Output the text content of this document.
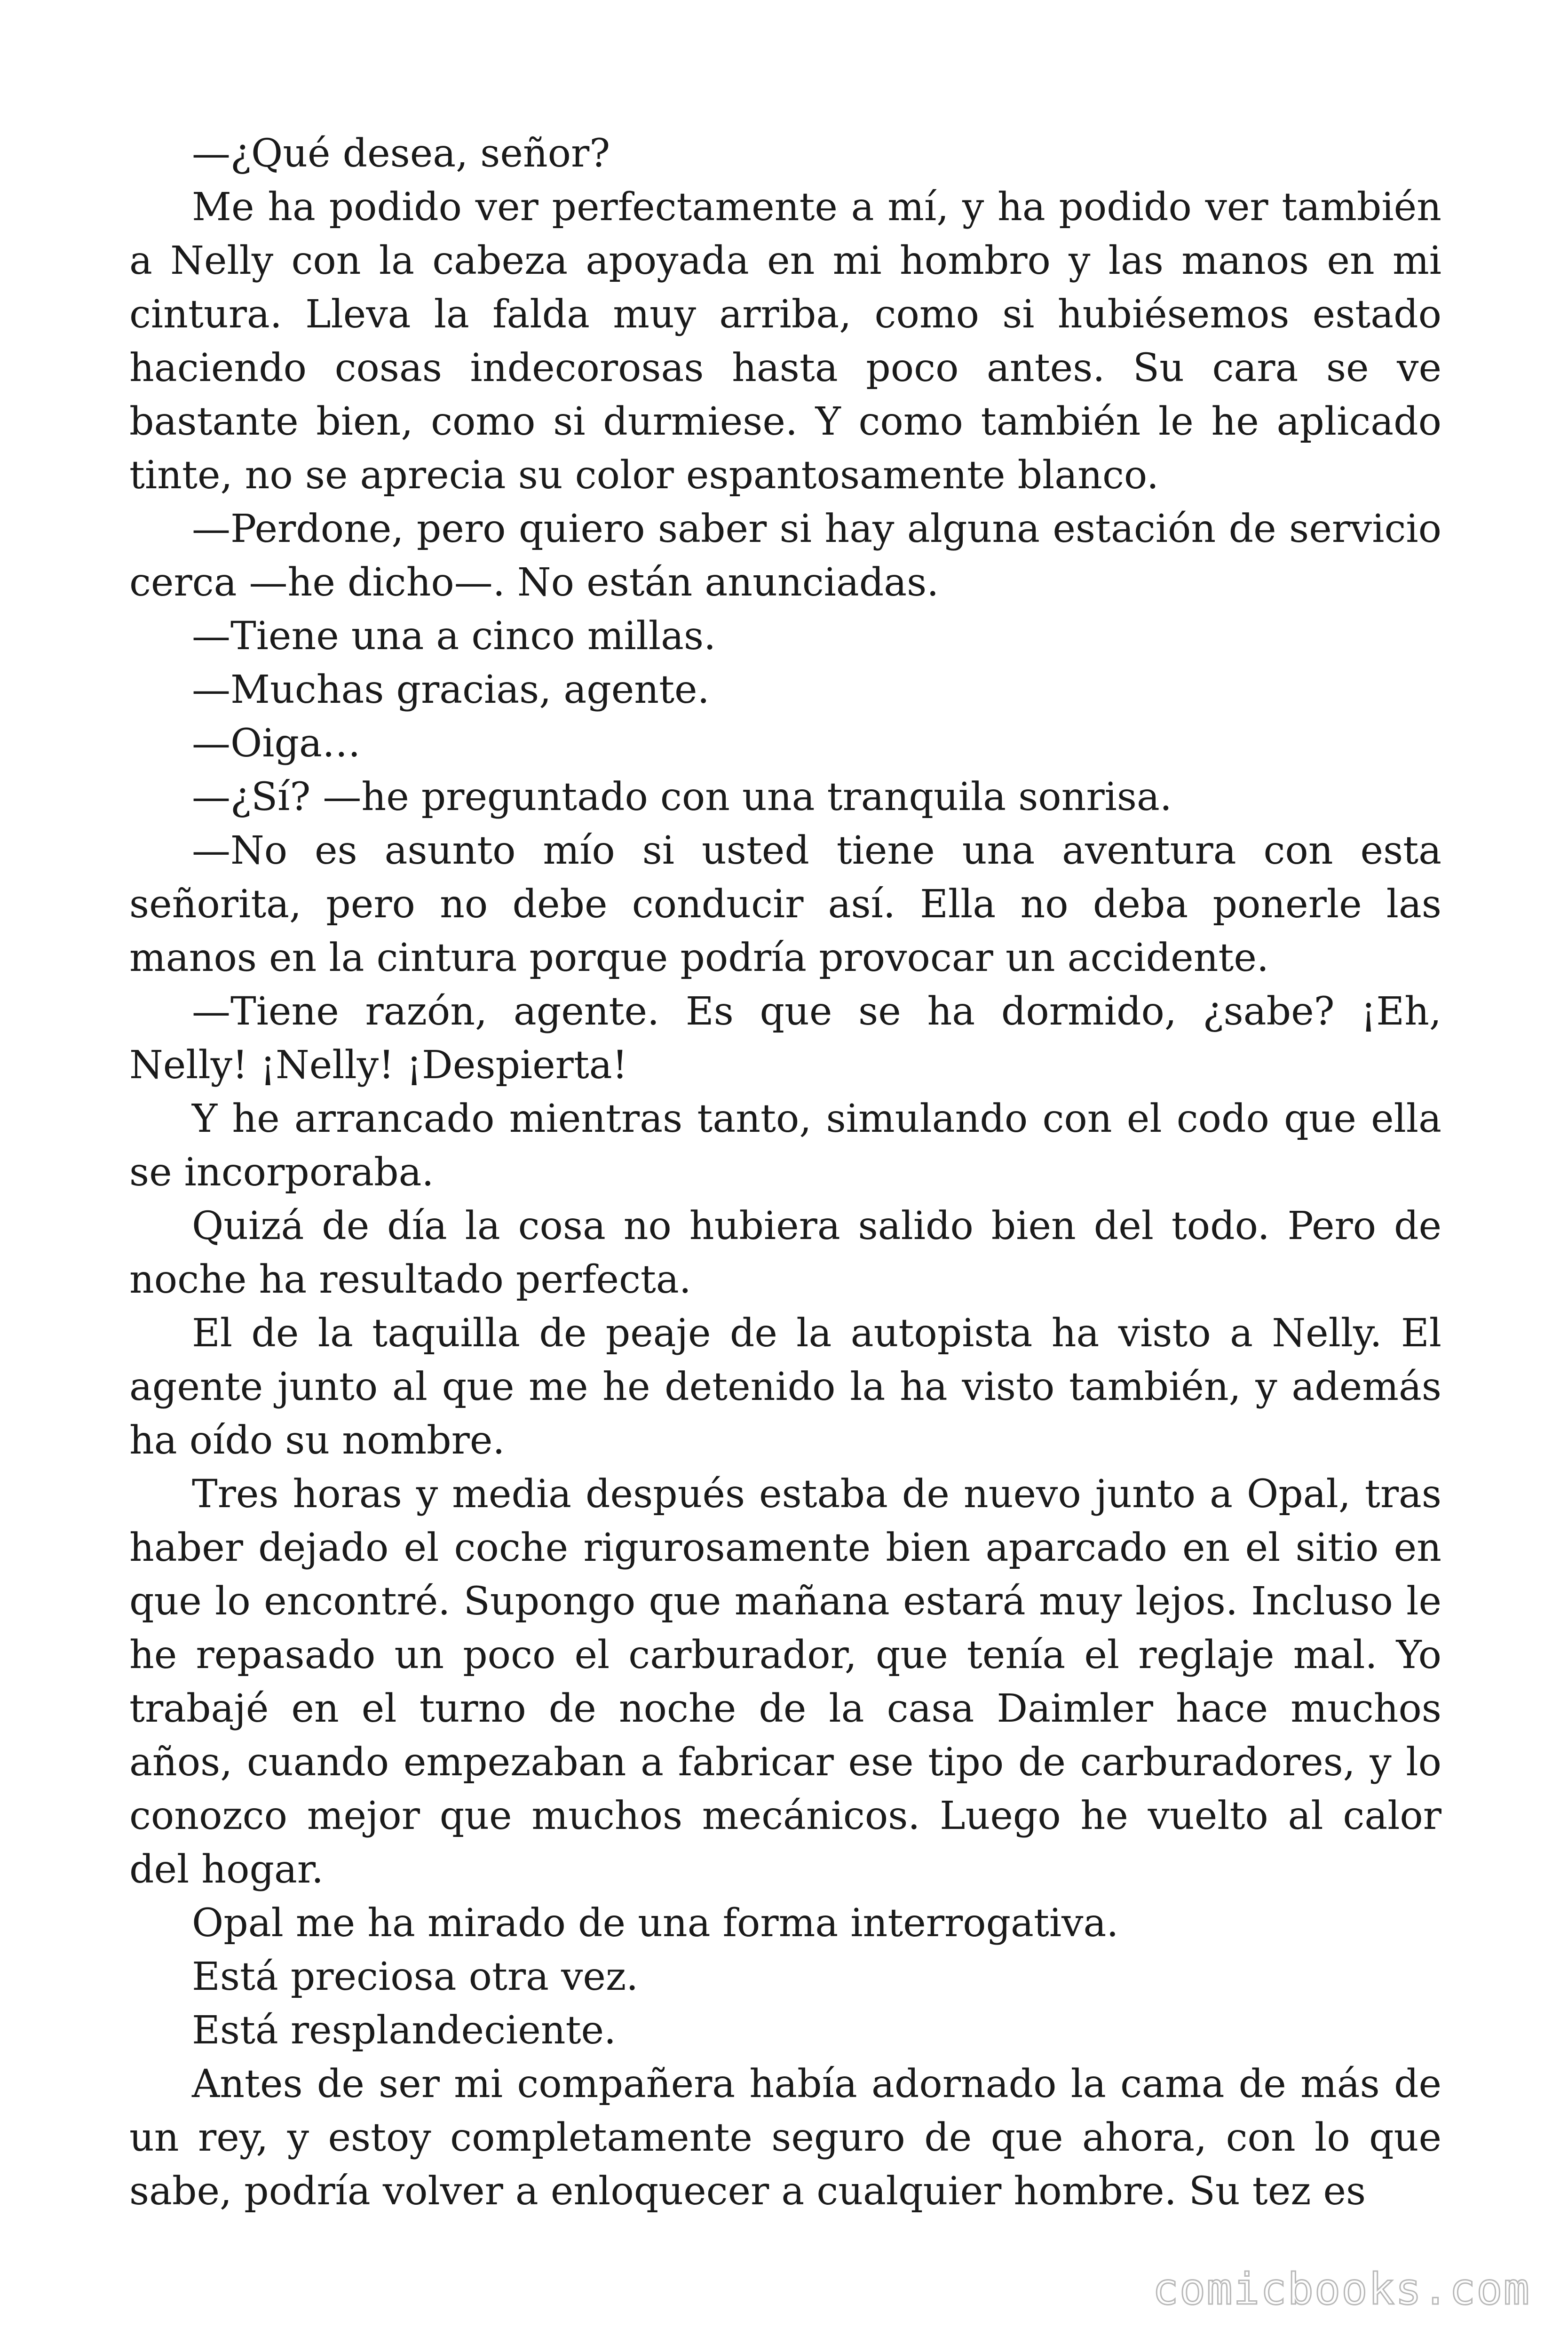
—¿Qué desea, señor?

Me ha podido ver perfectamente a mí, y ha podido ver también a Nelly con la cabeza apoyada en mi hombro y las manos en mi cintura. Lleva la falda muy arriba, como si hubiésemos estado haciendo cosas indecorosas hasta poco antes. Su cara se ve bastante bien, como si durmiese. Y como también le he aplicado tinte, no se aprecia su color espantosamente blanco.

—Perdone, pero quiero saber si hay alguna estación de servicio cerca —he dicho—. No están anunciadas.

—Tiene una a cinco millas.

—Muchas gracias, agente.

—Oiga…

—¿Sí? —he preguntado con una tranquila sonrisa.

—No es asunto mío si usted tiene una aventura con esta señorita, pero no debe conducir así. Ella no deba ponerle las manos en la cintura porque podría provocar un accidente.

—Tiene razón, agente. Es que se ha dormido, ¿sabe? ¡Eh, Nelly! ¡Nelly! ¡Despierta!

Y he arrancado mientras tanto, simulando con el codo que ella se incorporaba.

Quizá de día la cosa no hubiera salido bien del todo. Pero de noche ha resultado perfecta.

El de la taquilla de peaje de la autopista ha visto a Nelly. El agente junto al que me he detenido la ha visto también, y además ha oído su nombre.

Tres horas y media después estaba de nuevo junto a Opal, tras haber dejado el coche rigurosamente bien aparcado en el sitio en que lo encontré. Supongo que mañana estará muy lejos. Incluso le he repasado un poco el carburador, que tenía el reglaje mal. Yo trabajé en el turno de noche de la casa Daimler hace muchos años, cuando empezaban a fabricar ese tipo de carburadores, y lo conozco mejor que muchos mecánicos. Luego he vuelto al calor del hogar.

Opal me ha mirado de una forma interrogativa.

Está preciosa otra vez.

Está resplandeciente.

Antes de ser mi compañera había adornado la cama de más de un rey, y estoy completamente seguro de que ahora, con lo que sabe, podría volver a enloquecer a cualquier hombre. Su tez es

comicbooks.com
